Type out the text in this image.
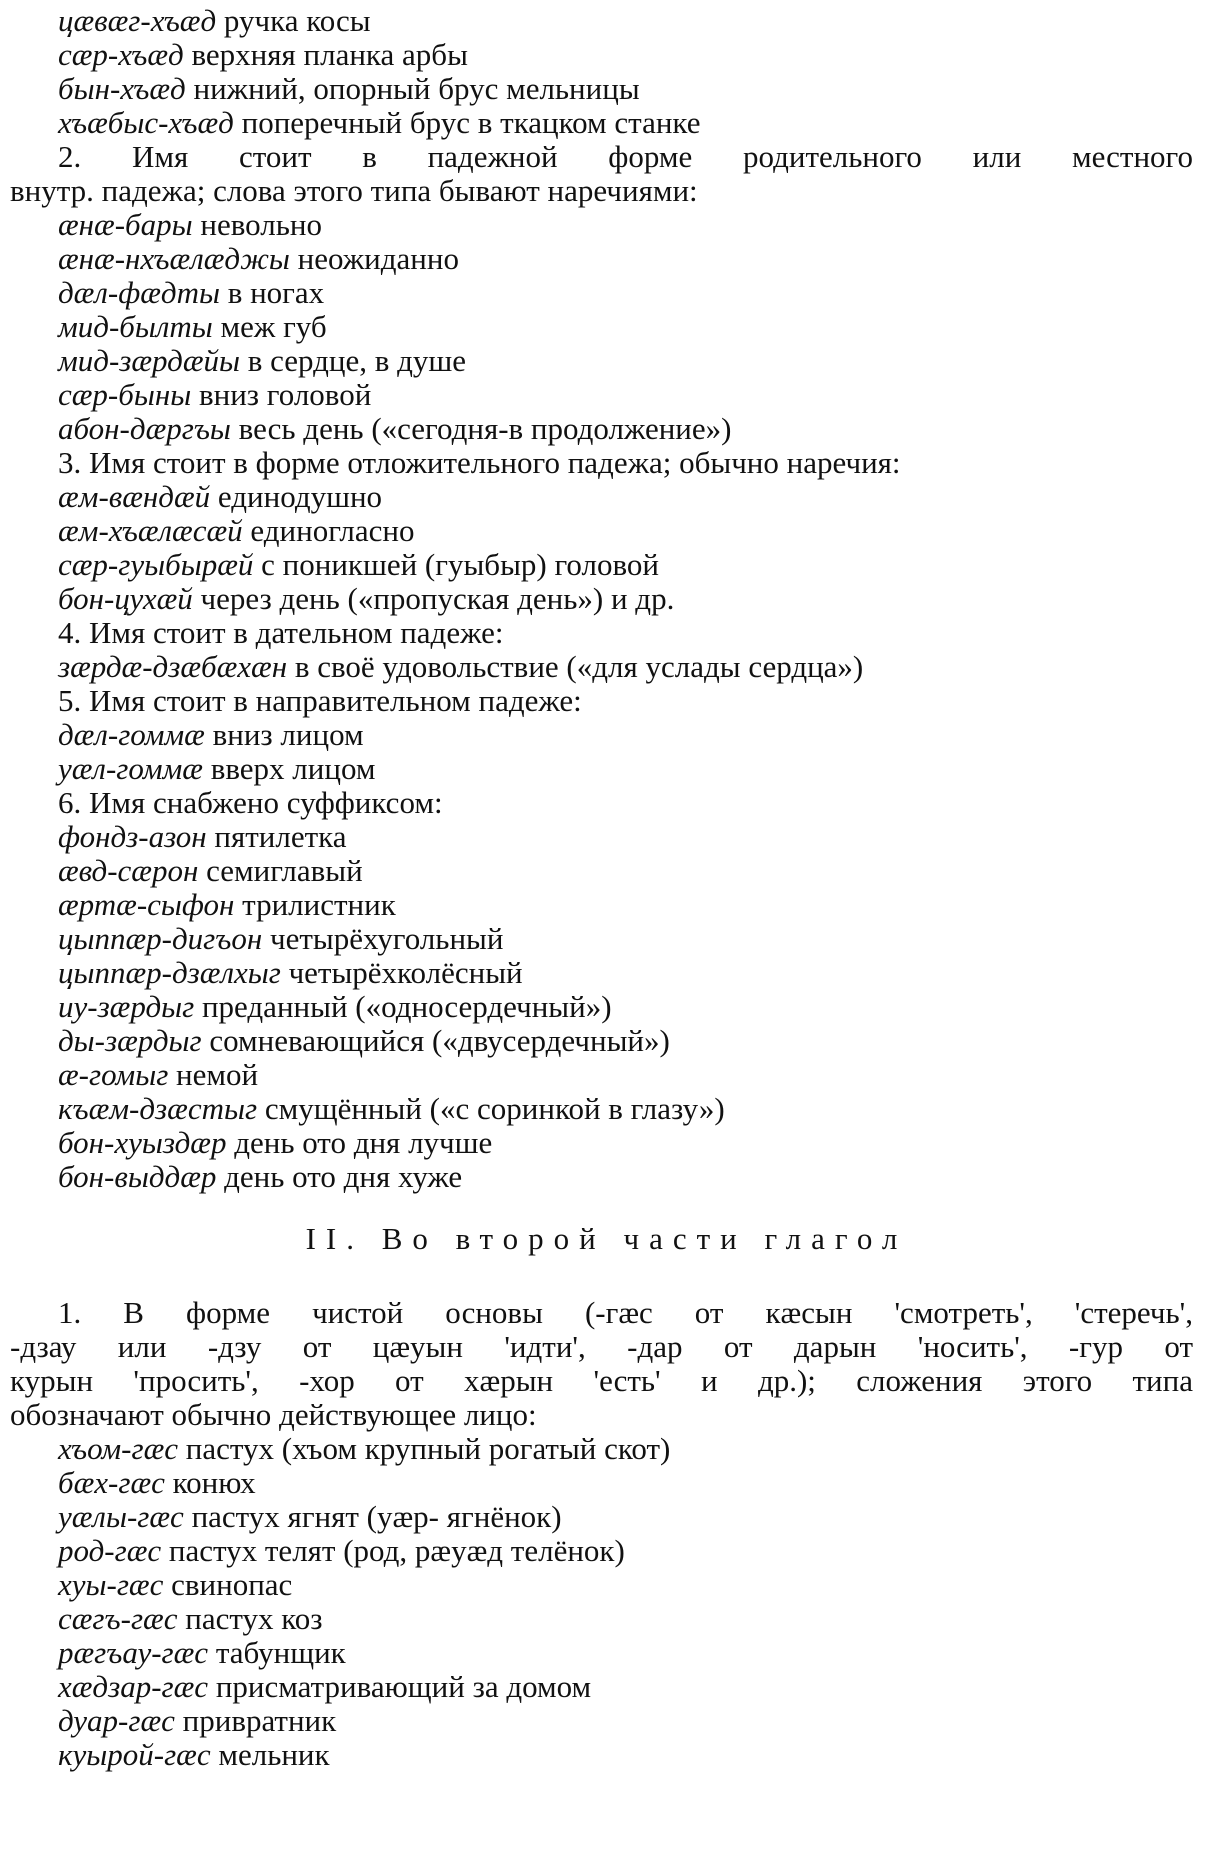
цæвæг-хъæд ручка косы
сæр-хъæд верхняя планка арбы
бын-хъæд нижний, опорный брус мельницы
хъæбыс-хъæд поперечный брус в ткацком станке
2. Имя стоит в падежной форме родительного или местного
внутр. падежа; слова этого типа бывают наречиями:
æнæ-бары невольно
æнæ-нхъæлæджы неожиданно
дæл-фæдты в ногах
мид-былты меж губ
мид-зæрдæйы в сердце, в душе
сæр-быны вниз головой
абон-дæргъы весь день («сегодня-в продолжение»)
3. Имя стоит в форме отложительного падежа; обычно наречия:
æм-вæндæй единодушно
æм-хъæлæсæй единогласно
сæр-гуыбырæй с поникшей (гуыбыр) головой
бон-цухæй через день («пропуская день») и др.
4. Имя стоит в дательном падеже:
зæрдæ-дзæбæхæн в своё удовольствие («для услады сердца»)
5. Имя стоит в направительном падеже:
дæл-гоммæ вниз лицом
уæл-гоммæ вверх лицом
6. Имя снабжено суффиксом:
фондз-азон пятилетка
æвд-сæрон семиглавый
æртæ-сыфон трилистник
цыппæр-дигъон четырёхугольный
цыппæр-дзæлхыг четырёхколёсный
иу-зæрдыг преданный («односердечный»)
ды-зæрдыг сомневающийся («двусердечный»)
æ-гомыг немой
къæм-дзæстыг смущённый («с соринкой в глазу»)
бон-хуыздæр день ото дня лучше
бон-выддæр день ото дня хуже
II. Во второй части глагол
1. В форме чистой основы (-гæс от кæсын 'смотреть', 'стеречь',
-дзау или -дзу от цæуын 'идти', -дар от дарын 'носить', -гур от
курын 'просить', -хор от хæрын 'есть' и др.); сложения этого типа
обозначают обычно действующее лицо:
хъом-гæс пастух (хъом крупный рогатый скот)
бæх-гæс конюх
уæлы-гæс пастух ягнят (уæр- ягнёнок)
род-гæс пастух телят (род, рæуæд телёнок)
хуы-гæс свинопас
сæгъ-гæс пастух коз
рæгъау-гæс табунщик
хæдзар-гæс присматривающий за домом
дуар-гæс привратник
куырой-гæс мельник
